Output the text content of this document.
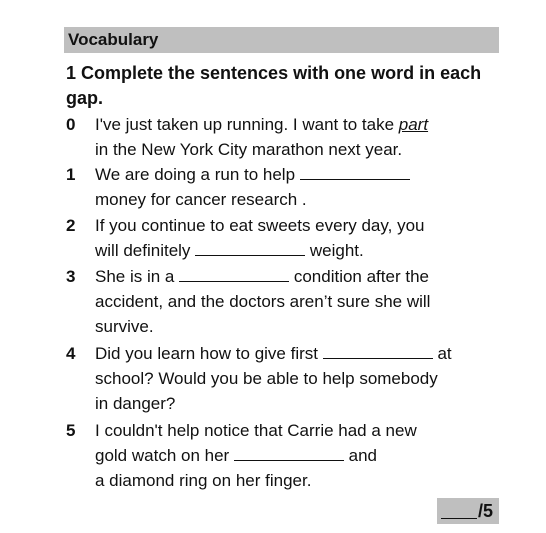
Vocabulary
1 Complete the sentences with one word in each
gap.
0	I've just taken up running. I want to take part
in the New York City marathon next year.
1	We are doing a run to help
money for cancer research .
2	If you continue to eat sweets every day, you
will definitely	weight.
3	She is in a	condition after the
accident, and the doctors aren’t sure she will
survive.
4	Did you learn how to give first	at
school? Would you be able to help somebody
in danger?
5	I couldn't help notice that Carrie had a new
gold watch on her	and
a diamond ring on her finger.
/5
